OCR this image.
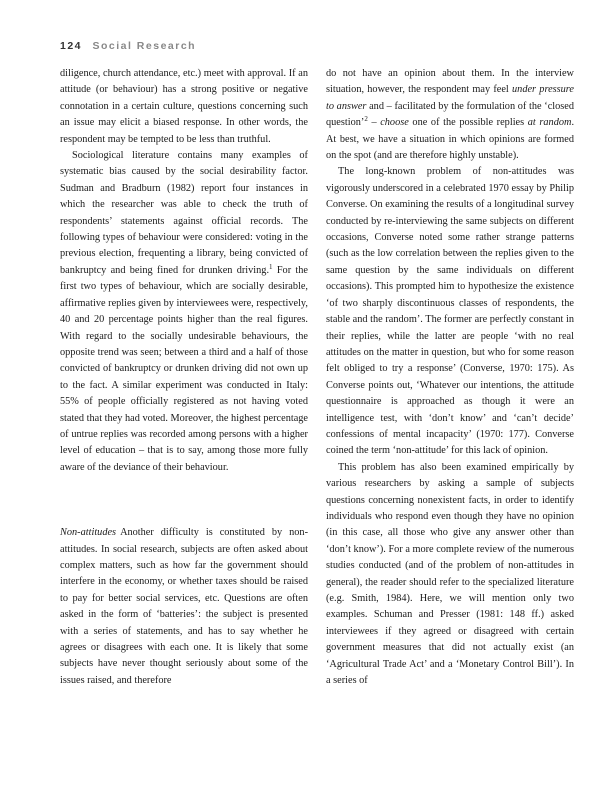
124 Social Research

diligence, church attendance, etc.) meet with approval. If an attitude (or behaviour) has a strong positive or negative connotation in a certain culture, questions concerning such an issue may elicit a biased response. In other words, the respondent may be tempted to be less than truthful.

Sociological literature contains many examples of systematic bias caused by the social desirability factor. Sudman and Bradburn (1982) report four instances in which the researcher was able to check the truth of respondents’ statements against official records. The following types of behaviour were considered: voting in the previous election, frequenting a library, being convicted of bankruptcy and being fined for drunken driving.$^1$ For the first two types of behaviour, which are socially desirable, affirmative replies given by interviewees were, respectively, 40 and 20 percentage points higher than the real figures. With regard to the socially undesirable behaviours, the opposite trend was seen; between a third and a half of those convicted of bankruptcy or drunken driving did not own up to the fact. A similar experiment was conducted in Italy: 55% of people officially registered as not having voted stated that they had voted. Moreover, the highest percentage of untrue replies was recorded among persons with a higher level of education – that is to say, among those more fully aware of the deviance of their behaviour.

Non-attitudes Another difficulty is constituted by non-attitudes. In social research, subjects are often asked about complex matters, such as how far the government should interfere in the economy, or whether taxes should be raised to pay for better social services, etc. Questions are often asked in the form of ‘batteries’: the subject is presented with a series of statements, and has to say whether he agrees or disagrees with each one. It is likely that some subjects have never thought seriously about some of the issues raised, and therefore

do not have an opinion about them. In the interview situation, however, the respondent may feel under pressure to answer and – facilitated by the formulation of the ‘closed question’$^2$ – choose one of the possible replies at random. At best, we have a situation in which opinions are formed on the spot (and are therefore highly unstable).

The long-known problem of non-attitudes was vigorously underscored in a celebrated 1970 essay by Philip Converse. On examining the results of a longitudinal survey conducted by re-interviewing the same subjects on different occasions, Converse noted some rather strange patterns (such as the low correlation between the replies given to the same question by the same individuals on different occasions). This prompted him to hypothesize the existence ‘of two sharply discontinuous classes of respondents, the stable and the random’. The former are perfectly constant in their replies, while the latter are people ‘with no real attitudes on the matter in question, but who for some reason felt obliged to try a response’ (Converse, 1970: 175). As Converse points out, ‘Whatever our intentions, the attitude questionnaire is approached as though it were an intelligence test, with ‘don’t know’ and ‘can’t decide’ confessions of mental incapacity’ (1970: 177). Converse coined the term ‘non-attitude’ for this lack of opinion.

This problem has also been examined empirically by various researchers by asking a sample of subjects questions concerning nonexistent facts, in order to identify individuals who respond even though they have no opinion (in this case, all those who give any answer other than ‘don’t know’). For a more complete review of the numerous studies conducted (and of the problem of non-attitudes in general), the reader should refer to the specialized literature (e.g. Smith, 1984). Here, we will mention only two examples. Schuman and Presser (1981: 148 ff.) asked interviewees if they agreed or disagreed with certain government measures that did not actually exist (an ‘Agricultural Trade Act’ and a ‘Monetary Control Bill’). In a series of
